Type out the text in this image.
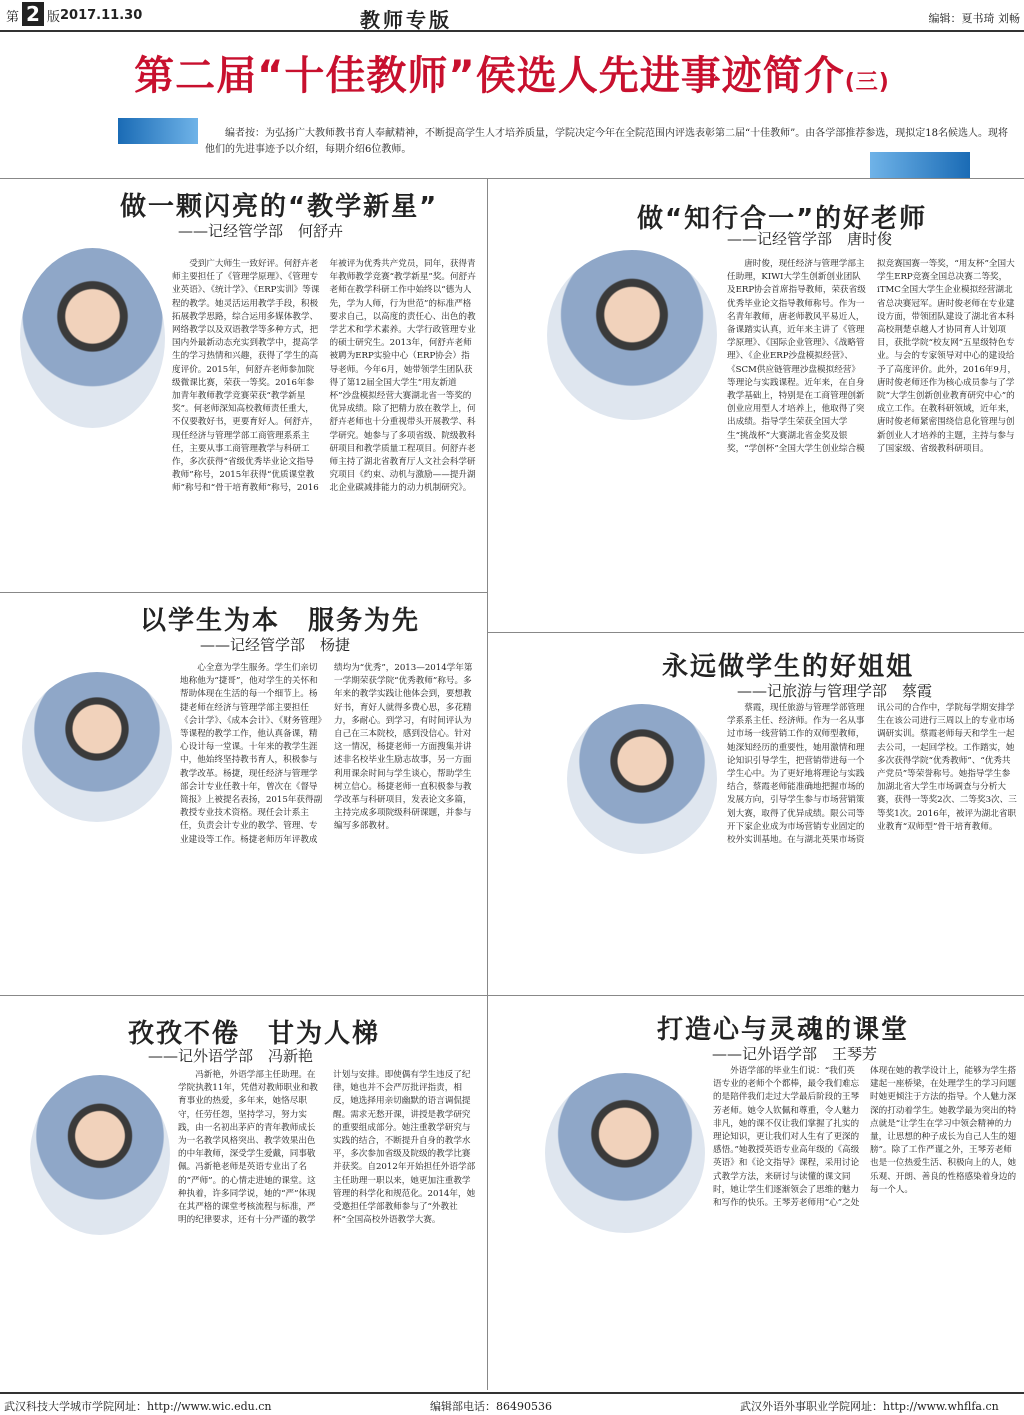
第 2 版 2017.11.30	教师专版	编辑：夏书琦 刘畅
第二届“十佳教师”侯选人先进事迹简介(三)
编者按：为弘扬广大教师教书育人奉献精神，不断提高学生人才培养质量，学院决定今年在全院范围内评选表彰第二届“十佳教师”。由各学部推荐参选，现拟定18名候选人。现将他们的先进事迹予以介绍，每期介绍6位教师。
做一颗闪亮的“教学新星”
——记经管学部　何舒卉
受到广大师生一致好评。何舒卉老师主要担任了《管理学原理》、《管理专业英语》、《统计学》、《ERP实训》等课程的教学。她灵活运用教学手段，积极拓展教学思路，综合运用多媒体教学、网络教学以及双语教学等多种方式，把国内外最新动态充实到教学中，提高学生的学习热情和兴趣，获得了学生的高度评价。2015年，何舒卉老师参加院级微课比赛，荣获一等奖。2016年参加青年教师教学竞赛荣获“教学新星奖”。何老师深知高校教师责任重大，不仅要教好书，更要育好人。何舒卉，现任经济与管理学部工商管理系系主任，主要从事工商管理教学与科研工作，多次获得“省级优秀毕业论文指导教师”称号，2015年获得“优质课堂教师”称号和“骨干培育教师”称号，2016年被评为优秀共产党员，同年，获得青年教师教学竞赛“教学新星”奖。何舒卉老师在教学科研工作中始终以“德为人先，学为人师，行为世范”的标准严格要求自己，以高度的责任心、出色的教学艺术和学术素养。大学行政管理专业的硕士研究生。2013年，何舒卉老师被聘为ERP实验中心（ERP协会）指导老师。今年6月，她带领学生团队获得了第12届全国大学生“用友新道杯”沙盘模拟经营大赛湖北省一等奖的优异成绩。除了把精力放在教学上，何舒卉老师也十分重视带头开展教学、科学研究。她参与了多项省级、院级教科研项目和教学质量工程项目。何舒卉老师主持了湖北省教育厅人文社会科学研究项目《约束、动机与激励——提升湖北企业碳减排能力的动力机制研究》。
做“知行合一”的好老师
——记经管学部　唐时俊
唐时俊，现任经济与管理学部主任助理，KIWI大学生创新创业团队及ERP协会首席指导教师，荣获省级优秀毕业论文指导教师称号。作为一名青年教师，唐老师教风平易近人，备课踏实认真，近年来主讲了《管理学原理》、《国际企业管理》、《战略管理》、《企业ERP沙盘模拟经营》、《SCM供应链管理沙盘模拟经营》等理论与实践课程。近年来，在自身教学基础上，特别是在工商管理创新创业应用型人才培养上，他取得了突出成绩。指导学生荣获全国大学生“挑战杯”大赛湖北省金奖及银奖，“学创杯”全国大学生创业综合模拟竞赛国赛一等奖，“用友杯”全国大学生ERP竞赛全国总决赛二等奖，iTMC全国大学生企业模拟经营湖北省总决赛冠军。唐时俊老师在专业建设方面，带领团队建设了湖北省本科高校荆楚卓越人才协同育人计划项目，获批学院“校友网”五星级特色专业。与会的专家领导对中心的建设给予了高度评价。此外，2016年9月，唐时俊老师还作为核心成员参与了学院“大学生创新创业教育研究中心”的成立工作。在教科研领域，近年来，唐时俊老师紧密围绕信息化管理与创新创业人才培养的主题，主持与参与了国家级、省级教科研项目。
以学生为本　服务为先
——记经管学部　杨捷
心全意为学生服务。学生们亲切地称他为“捷哥”，他对学生的关怀和帮助体现在生活的每一个细节上。杨捷老师在经济与管理学部主要担任《会计学》、《成本会计》、《财务管理》等课程的教学工作，他认真备课，精心设计每一堂课。十年来的教学生涯中，他始终坚持教书育人，积极参与教学改革。杨捷，现任经济与管理学部会计专业任教十年，曾次在《督导简报》上被提名表扬，2015年获得副教授专业技术资格。现任会计系主任，负责会计专业的教学、管理、专业建设等工作。杨捷老师历年评教成绩均为“优秀”，2013—2014学年第一学期荣获学院“优秀教师”称号。多年来的教学实践让他体会到，要想教好书，育好人就得多费心思，多花精力，多耐心。到学习，有时间评认为自己在三本院校，感到没信心。针对这一情况，杨捷老师一方面搜集并讲述非名校毕业生励志故事，另一方面利用课余时间与学生谈心，帮助学生树立信心。杨捷老师一直积极参与教学改革与科研项目，发表论文多篇，主持完成多项院级科研课题，并参与编写多部教材。
永远做学生的好姐姐
——记旅游与管理学部　蔡霞
蔡霞，现任旅游与管理学部管理学系系主任、经济师。作为一名从事过市场一线营销工作的双师型教师，她深知经历的重要性，她用激情和理论知识引导学生，把营销带进每一个学生心中。为了更好地将理论与实践结合，蔡霞老师能准确地把握市场的发展方向，引导学生参与市场营销策划大赛，取得了优异成绩。限公司等开下家企业成为市场营销专业固定的校外实训基地。在与湖北英果市场资讯公司的合作中，学院每学期安排学生在该公司进行三周以上的专业市场调研实训。蔡霞老师每天和学生一起去公司，一起回学校。工作踏实，她多次获得学院“优秀教师”、“优秀共产党员”等荣誉称号。她指导学生参加湖北省大学生市场调查与分析大赛，获得一等奖2次、二等奖3次、三等奖1次。2016年，被评为湖北省职业教育“双师型”骨干培育教师。
孜孜不倦　甘为人梯
——记外语学部　冯新艳
冯新艳，外语学部主任助理。在学院执教11年，凭借对教师职业和教育事业的热爱，多年来，她恪尽职守，任劳任怨，坚持学习，努力实践，由一名初出茅庐的青年教师成长为一名教学风格突出、教学效果出色的中年教师，深受学生爱戴，同事敬佩。冯新艳老师是英语专业出了名的“严师”。的心情走进她的课堂。这种执着，许多同学说，她的“严”体现在其严格的课堂考核流程与标准，严明的纪律要求，还有十分严谨的教学计划与安排。即使偶有学生违反了纪律，她也并不会严厉批评指责，相反，她选择用亲切幽默的语言调侃提醒。需求无愁开课，讲授是教学研究的重要组成部分。她注重教学研究与实践的结合，不断提升自身的教学水平，多次参加省级及院级的教学比赛并获奖。自2012年开始担任外语学部主任助理一职以来，她更加注重教学管理的科学化和规范化。2014年，她受邀担任学部教师参与了“外教社杯”全国高校外语教学大赛。
打造心与灵魂的课堂
——记外语学部　王琴芳
外语学部的毕业生们说：“我们英语专业的老师个个都棒，最令我们难忘的是陪伴我们走过大学最后阶段的王琴芳老师。她令人钦佩和尊重，令人魅力非凡，她的课不仅让我们掌握了扎实的理论知识，更让我们对人生有了更深的感悟。”她教授英语专业高年级的《高级英语》和《论文指导》课程，采用讨论式教学方法，来研讨与读懂的课文同时，她让学生们逐渐领会了思维的魅力和写作的快乐。王琴芳老师用“心”之处体现在她的教学设计上，能够为学生搭建起一座桥梁，在处理学生的学习问题时她更倾注于方法的指导。个人魅力深深的打动着学生。她教学最为突出的特点就是“让学生在学习中领会精神的力量，让思想的种子成长为自己人生的翅膀”。除了工作严谨之外，王琴芳老师也是一位热爱生活、积极向上的人，她乐观、开朗、善良的性格感染着身边的每一个人。
武汉科技大学城市学院网址：http://www.wic.edu.cn	编辑部电话：86490536	武汉外语外事职业学院网址：http://www.whflfa.cn
